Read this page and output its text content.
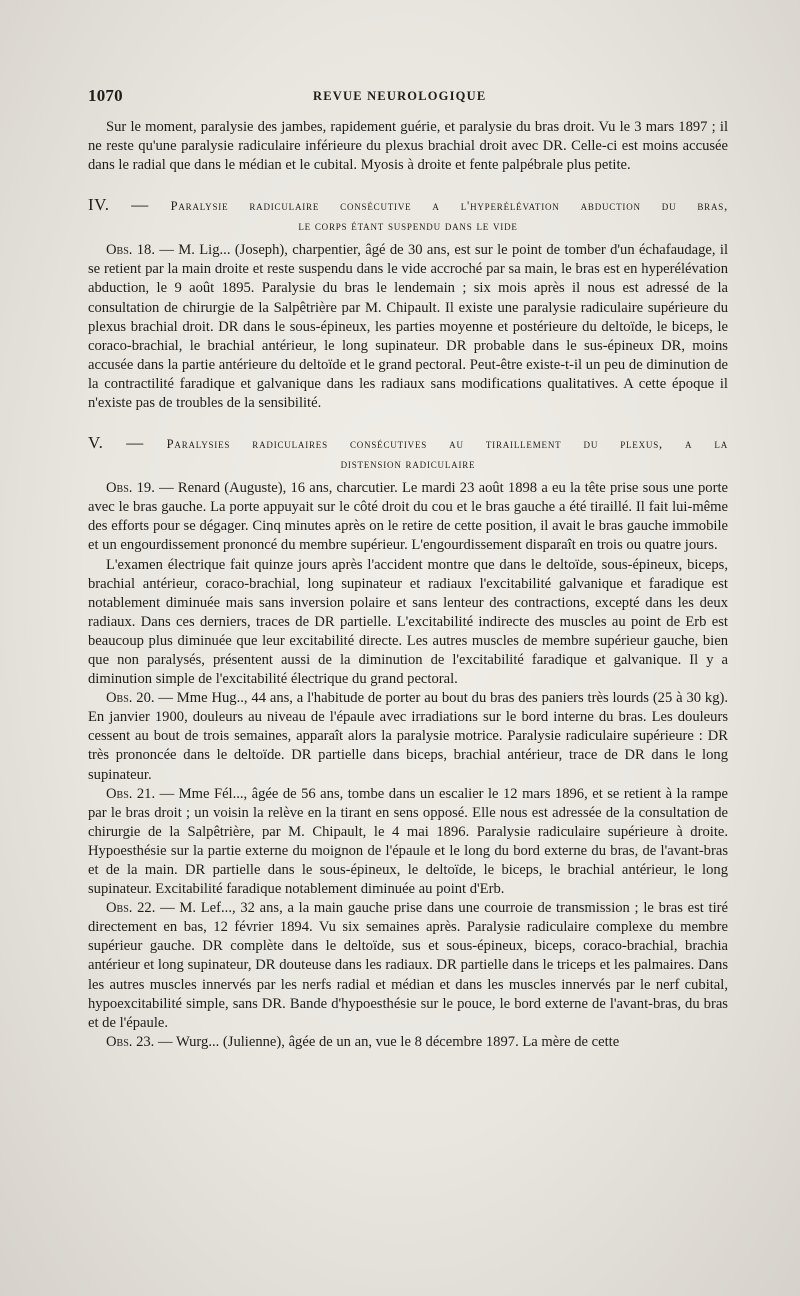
1070	REVUE NEUROLOGIQUE

Sur le moment, paralysie des jambes, rapidement guérie, et paralysie du bras droit. Vu le 3 mars 1897 ; il ne reste qu'une paralysie radiculaire inférieure du plexus brachial droit avec DR. Celle-ci est moins accusée dans le radial que dans le médian et le cubital. Myosis à droite et fente palpébrale plus petite.

IV. — Paralysie radiculaire consécutive a l'hyperélévation abduction du bras,
le corps étant suspendu dans le vide

Obs. 18. — M. Lig... (Joseph), charpentier, âgé de 30 ans, est sur le point de tomber d'un échafaudage, il se retient par la main droite et reste suspendu dans le vide accroché par sa main, le bras est en hyperélévation abduction, le 9 août 1895. Paralysie du bras le lendemain ; six mois après il nous est adressé de la consultation de chirurgie de la Salpêtrière par M. Chipault. Il existe une paralysie radiculaire supérieure du plexus brachial droit. DR dans le sous-épineux, les parties moyenne et postérieure du deltoïde, le biceps, le coraco-brachial, le brachial antérieur, le long supinateur. DR probable dans le sus-épineux DR, moins accusée dans la partie antérieure du deltoïde et le grand pectoral. Peut-être existe-t-il un peu de diminution de la contractilité faradique et galvanique dans les radiaux sans modifications qualitatives. A cette époque il n'existe pas de troubles de la sensibilité.

V. — Paralysies radiculaires consécutives au tiraillement du plexus, a la
distension radiculaire

Obs. 19. — Renard (Auguste), 16 ans, charcutier. Le mardi 23 août 1898 a eu la tête prise sous une porte avec le bras gauche. La porte appuyait sur le côté droit du cou et le bras gauche a été tiraillé. Il fait lui-même des efforts pour se dégager. Cinq minutes après on le retire de cette position, il avait le bras gauche immobile et un engourdissement prononcé du membre supérieur. L'engourdissement disparaît en trois ou quatre jours.

L'examen électrique fait quinze jours après l'accident montre que dans le deltoïde, sous-épineux, biceps, brachial antérieur, coraco-brachial, long supinateur et radiaux l'excitabilité galvanique et faradique est notablement diminuée mais sans inversion polaire et sans lenteur des contractions, excepté dans les deux radiaux. Dans ces derniers, traces de DR partielle. L'excitabilité indirecte des muscles au point de Erb est beaucoup plus diminuée que leur excitabilité directe. Les autres muscles de membre supérieur gauche, bien que non paralysés, présentent aussi de la diminution de l'excitabilité faradique et galvanique. Il y a diminution simple de l'excitabilité électrique du grand pectoral.

Obs. 20. — Mme Hug.., 44 ans, a l'habitude de porter au bout du bras des paniers très lourds (25 à 30 kg). En janvier 1900, douleurs au niveau de l'épaule avec irradiations sur le bord interne du bras. Les douleurs cessent au bout de trois semaines, apparaît alors la paralysie motrice. Paralysie radiculaire supérieure : DR très prononcée dans le deltoïde. DR partielle dans biceps, brachial antérieur, trace de DR dans le long supinateur.

Obs. 21. — Mme Fél..., âgée de 56 ans, tombe dans un escalier le 12 mars 1896, et se retient à la rampe par le bras droit ; un voisin la relève en la tirant en sens opposé. Elle nous est adressée de la consultation de chirurgie de la Salpêtrière, par M. Chipault, le 4 mai 1896. Paralysie radiculaire supérieure à droite. Hypoesthésie sur la partie externe du moignon de l'épaule et le long du bord externe du bras, de l'avant-bras et de la main. DR partielle dans le sous-épineux, le deltoïde, le biceps, le brachial antérieur, le long supinateur. Excitabilité faradique notablement diminuée au point d'Erb.

Obs. 22. — M. Lef..., 32 ans, a la main gauche prise dans une courroie de transmission ; le bras est tiré directement en bas, 12 février 1894. Vu six semaines après. Paralysie radiculaire complexe du membre supérieur gauche. DR complète dans le deltoïde, sus et sous-épineux, biceps, coraco-brachial, brachia antérieur et long supinateur, DR douteuse dans les radiaux. DR partielle dans le triceps et les palmaires. Dans les autres muscles innervés par les nerfs radial et médian et dans les muscles innervés par le nerf cubital, hypoexcitabilité simple, sans DR. Bande d'hypoesthésie sur le pouce, le bord externe de l'avant-bras, du bras et de l'épaule.

Obs. 23. — Wurg... (Julienne), âgée de un an, vue le 8 décembre 1897. La mère de cette
